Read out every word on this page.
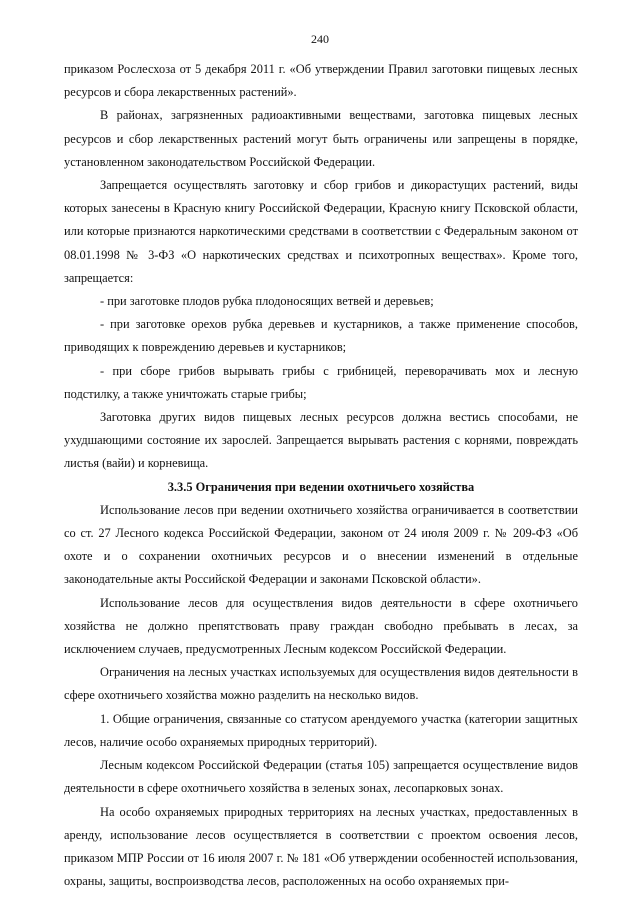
240

приказом Рослесхоза от 5 декабря 2011 г. «Об утверждении Правил заготовки пищевых лесных ресурсов и сбора лекарственных растений».

В районах, загрязненных радиоактивными веществами, заготовка пищевых лесных ресурсов и сбор лекарственных растений могут быть ограничены или запрещены в порядке, установленном законодательством Российской Федерации.

Запрещается осуществлять заготовку и сбор грибов и дикорастущих растений, виды которых занесены в Красную книгу Российской Федерации, Красную книгу Псковской области, или которые признаются наркотическими средствами в соответствии с Федеральным законом от 08.01.1998 № 3-ФЗ «О наркотических средствах и психотропных веществах». Кроме того, запрещается:

- при заготовке плодов рубка плодоносящих ветвей и деревьев;

- при заготовке орехов рубка деревьев и кустарников, а также применение способов, приводящих к повреждению деревьев и кустарников;

- при сборе грибов вырывать грибы с грибницей, переворачивать мох и лесную подстилку, а также уничтожать старые грибы;

Заготовка других видов пищевых лесных ресурсов должна вестись способами, не ухудшающими состояние их зарослей. Запрещается вырывать растения с корнями, повреждать листья (вайи) и корневища.

3.3.5 Ограничения при ведении охотничьего хозяйства

Использование лесов при ведении охотничьего хозяйства ограничивается в соответствии со ст. 27 Лесного кодекса Российской Федерации, законом от 24 июля 2009 г. № 209-ФЗ «Об охоте и о сохранении охотничьих ресурсов и о внесении изменений в отдельные законодательные акты Российской Федерации и законами Псковской области».

Использование лесов для осуществления видов деятельности в сфере охотничьего хозяйства не должно препятствовать праву граждан свободно пребывать в лесах, за исключением случаев, предусмотренных Лесным кодексом Российской Федерации.

Ограничения на лесных участках используемых для осуществления видов деятельности в сфере охотничьего хозяйства можно разделить на несколько видов.

1. Общие ограничения, связанные со статусом арендуемого участка (категории защитных лесов, наличие особо охраняемых природных территорий).

Лесным кодексом Российской Федерации (статья 105) запрещается осуществление видов деятельности в сфере охотничьего хозяйства в зеленых зонах, лесопарковых зонах.

На особо охраняемых природных территориях на лесных участках, предоставленных в аренду, использование лесов осуществляется в соответствии с проектом освоения лесов, приказом МПР России от 16 июля 2007 г. № 181 «Об утверждении особенностей использования, охраны, защиты, воспроизводства лесов, расположенных на особо охраняемых при-
